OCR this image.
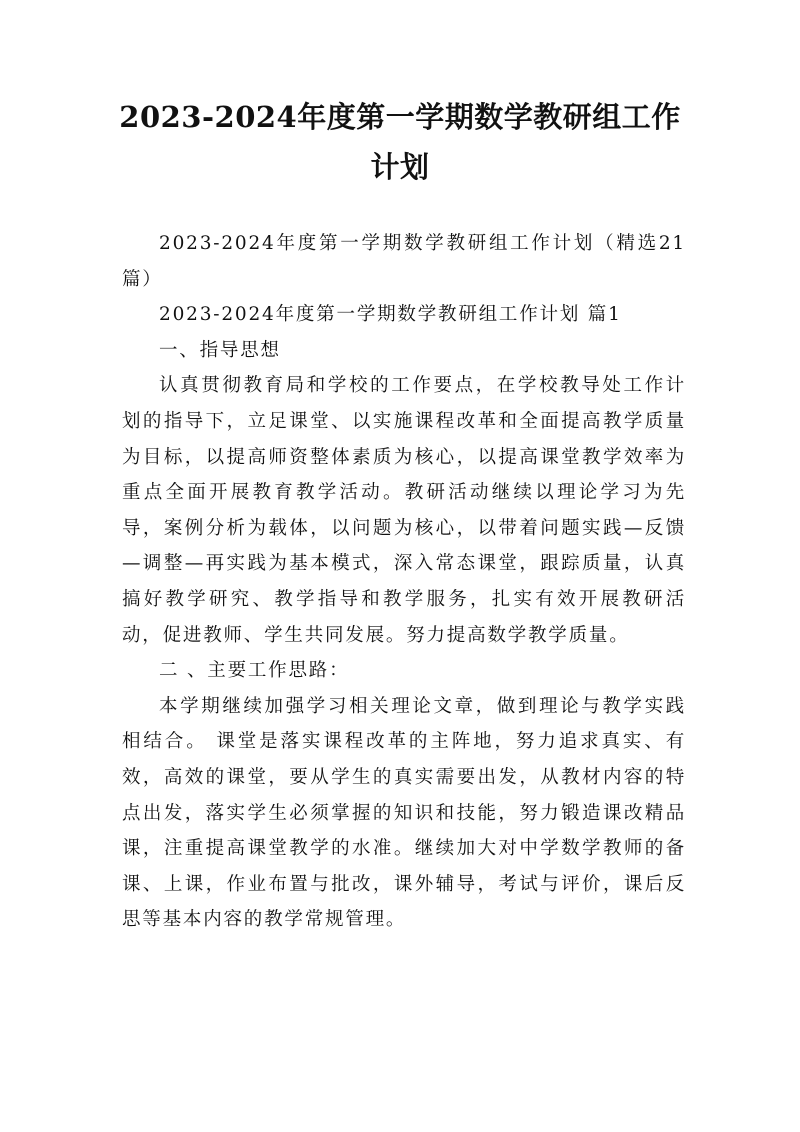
2023-2024年度第一学期数学教研组工作计划

2023-2024年度第一学期数学教研组工作计划（精选21篇）

2023-2024年度第一学期数学教研组工作计划 篇1

一、指导思想

认真贯彻教育局和学校的工作要点，在学校教导处工作计划的指导下，立足课堂、以实施课程改革和全面提高教学质量为目标，以提高师资整体素质为核心，以提高课堂教学效率为重点全面开展教育教学活动。教研活动继续以理论学习为先导，案例分析为载体，以问题为核心，以带着问题实践—反馈—调整—再实践为基本模式，深入常态课堂，跟踪质量，认真搞好教学研究、教学指导和教学服务，扎实有效开展教研活动，促进教师、学生共同发展。努力提高数学教学质量。

二 、主要工作思路：

本学期继续加强学习相关理论文章，做到理论与教学实践相结合。 课堂是落实课程改革的主阵地，努力追求真实、有效，高效的课堂，要从学生的真实需要出发，从教材内容的特点出发，落实学生必须掌握的知识和技能，努力锻造课改精品课，注重提高课堂教学的水准。继续加大对中学数学教师的备课、上课，作业布置与批改，课外辅导，考试与评价，课后反思等基本内容的教学常规管理。
